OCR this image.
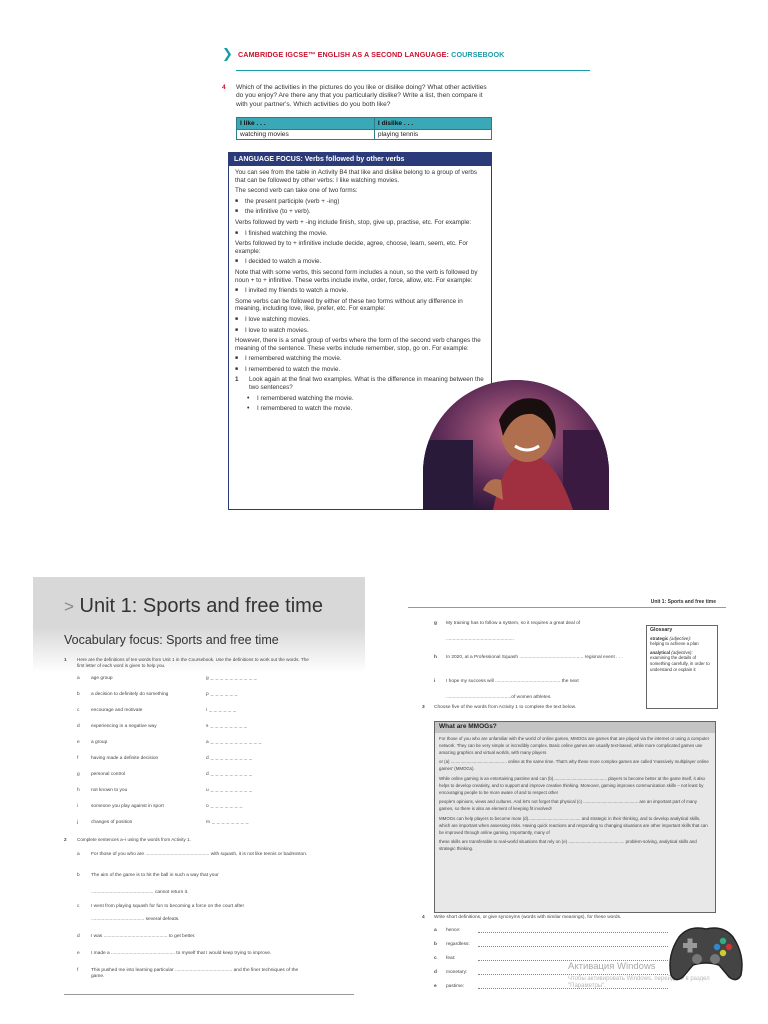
❯ CAMBRIDGE IGCSE™ ENGLISH AS A SECOND LANGUAGE: COURSEBOOK
4 Which of the activities in the pictures do you like or dislike doing? What other activities do you enjoy? Are there any that you particularly dislike? Write a list, then compare it with your partner's. Which activities do you both like?
I like . . .	I dislike . . .
watching movies	playing tennis
LANGUAGE FOCUS: Verbs followed by other verbs

You can see from the table in Activity B4 that like and dislike belong to a group of verbs that can be followed by other verbs: I like watching movies.

The second verb can take one of two forms:

■ the present participle (verb + -ing)
■ the infinitive (to + verb).

Verbs followed by verb + -ing include finish, stop, give up, practise, etc. For example:

■ I finished watching the movie.

Verbs followed by to + infinitive include decide, agree, choose, learn, seem, etc. For example:

■ I decided to watch a movie.

Note that with some verbs, this second form includes a noun, so the verb is followed by noun + to + infinitive. These verbs include invite, order, force, allow, etc. For example:

■ I invited my friends to watch a movie.

Some verbs can be followed by either of these two forms without any difference in meaning, including love, like, prefer, etc. For example:

■ I love watching movies.
■ I love to watch movies.

However, there is a small group of verbs where the form of the second verb changes the meaning of the sentence. These verbs include remember, stop, go on. For example:

■ I remembered watching the movie.
■ I remembered to watch the movie.
1 Look again at the final two examples. What is the difference in meaning between the two sentences?
• I remembered watching the movie.
• I remembered to watch the movie.
> Unit 1: Sports and free time
Vocabulary focus: Sports and free time
1 Here are the definitions of ten words from Unit 1 in the Coursebook. Use the definitions to work out the words. The first letter of each word is given to help you.
a age group	g _ _ _ _ _ _ _ _ _ _
b a decision to definitely do something	p _ _ _ _ _ _
c encourage and motivate	i _ _ _ _ _ _
d experiencing in a negative way	s _ _ _ _ _ _ _ _
e a group	a _ _ _ _ _ _ _ _ _ _ _
f	having made a definite decision	d _ _ _ _ _ _ _ _ _
g personal control	d _ _ _ _ _ _ _ _ _
h not known to you	u _ _ _ _ _ _ _ _ _
i	someone you play against in sport	o _ _ _ _ _ _ _
j	changes of position	m _ _ _ _ _ _ _ _
2 Complete sentences a–i using the words from Activity 1.
a For those of you who are ................................................ with squash, it is not like tennis or badminton.
b The aim of the game is to hit the ball in such a way that your
............................................... cannot return it.
c I went from playing squash for fun to becoming a force on the court after
........................................ several defeats.
d I was ................................................ to get better.
e I made a ................................................ to myself that I would keep trying to improve.
f	This pushed me into learning particular ........................................... and the finer techniques of the game.
Unit 1: Sports and free time
g My training has to follow a system, so it requires a great deal of
...................................................
h In 2020, at a Professional Squash ................................................ regional event . . .
i I hope my success will ................................................. the next
.................................................of women athletes.
Glossary
strategic (adjective):
helping to achieve a plan
analytical (adjective):
examining the details of something carefully, in order to understand or explain it
3 Choose five of the words from Activity 1 to complete the text below.
What are MMOGs?

For those of you who are unfamiliar with the world of online games, MMOGs are games that are played via the internet or using a computer network. They can be very simple or incredibly complex. Basic online games are usually text-based, while more complicated games use amazing graphics and virtual worlds, with many players

or (a) .............................................. online at the same time. That's why these more complex games are called 'massively multiplayer online games' (MMOGs).

While online gaming is an entertaining pastime and can (b)............................................ players to become better at the game itself, it also helps to develop creativity, and to support and improve creative thinking. Moreover, gaming improves communication skills – not least by encouraging people to be more aware of and to respect other

people's opinions, views and cultures. And let's not forget that physical (c) ............................................. are an important part of many games, so there is also an element of keeping fit involved!

MMOGs can help players to become more (d)........................................... and strategic in their thinking, and to develop analytical skills, which are important when assessing risks. Having quick reactions and responding to changing situations are other important skills that can be improved through online gaming. Importantly, many of

these skills are transferable to real-world situations that rely on (e) .............................................. problem-solving, analytical skills and strategic thinking.

4 Write short definitions, or give synonyms (words with similar meanings), for these words.
a hence:
b regardless:
c feat:
d monetary:
e pastime:
Активация Windows
Чтобы активировать Windows, перейдите в раздел "Параметры".
